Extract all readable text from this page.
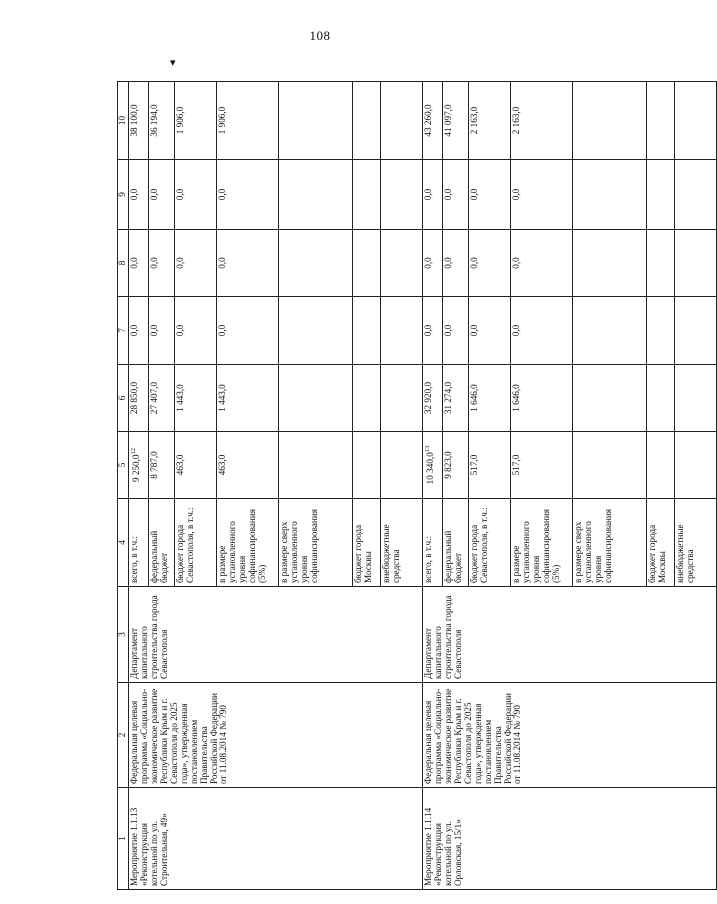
108
▾
1	2	3	4	5	6	7	8	9	10
Мероприятие 1.1.13 «Реконструкция котельной по ул. Строительная, 49»	Федеральная целевая программа «Социально-экономическое развитие Республики Крым и г. Севастополя до 2025 года», утвержденная постановлением Правительства Российской Федерации от 11.08.2014 № 790	Департамент капитального строительства города Севастополя	всего, в т.ч.:	9 250,0$^{12}$	28 850,0	0,0	0,0	0,0	38 100,0
			федеральный бюджет	8 787,0	27 407,0	0,0	0,0	0,0	36 194,0
			бюджет города Севастополя, в т.ч.:	463,0	1 443,0	0,0	0,0	0,0	1 906,0
			в размере установленного уровня софинансирования (5%)	463,0	1 443,0	0,0	0,0	0,0	1 906,0
			в размере сверх установленного уровня софинансирования						
			бюджет города Москвы						
			внебюджетные средства						
Мероприятие 1.1.14 «Реконструкция котельной по ул. Орловская, 15/1»	Федеральная целевая программа «Социально-экономическое развитие Республики Крым и г. Севастополя до 2025 года», утвержденная постановлением Правительства Российской Федерации от 11.08.2014 № 790	Департамент капитального строительства города Севастополя	всего, в т.ч.:	10 340,0$^{13}$	32 920,0	0,0	0,0	0,0	43 260,0
			федеральный бюджет	9 823,0	31 274,0	0,0	0,0	0,0	41 097,0
			бюджет города Севастополя, в т.ч.:	517,0	1 646,0	0,0	0,0	0,0	2 163,0
			в размере установленного уровня софинансирования (5%)	517,0	1 646,0	0,0	0,0	0,0	2 163,0
			в размере сверх установленного уровня софинансирования						
			бюджет города Москвы						
			внебюджетные средства						
